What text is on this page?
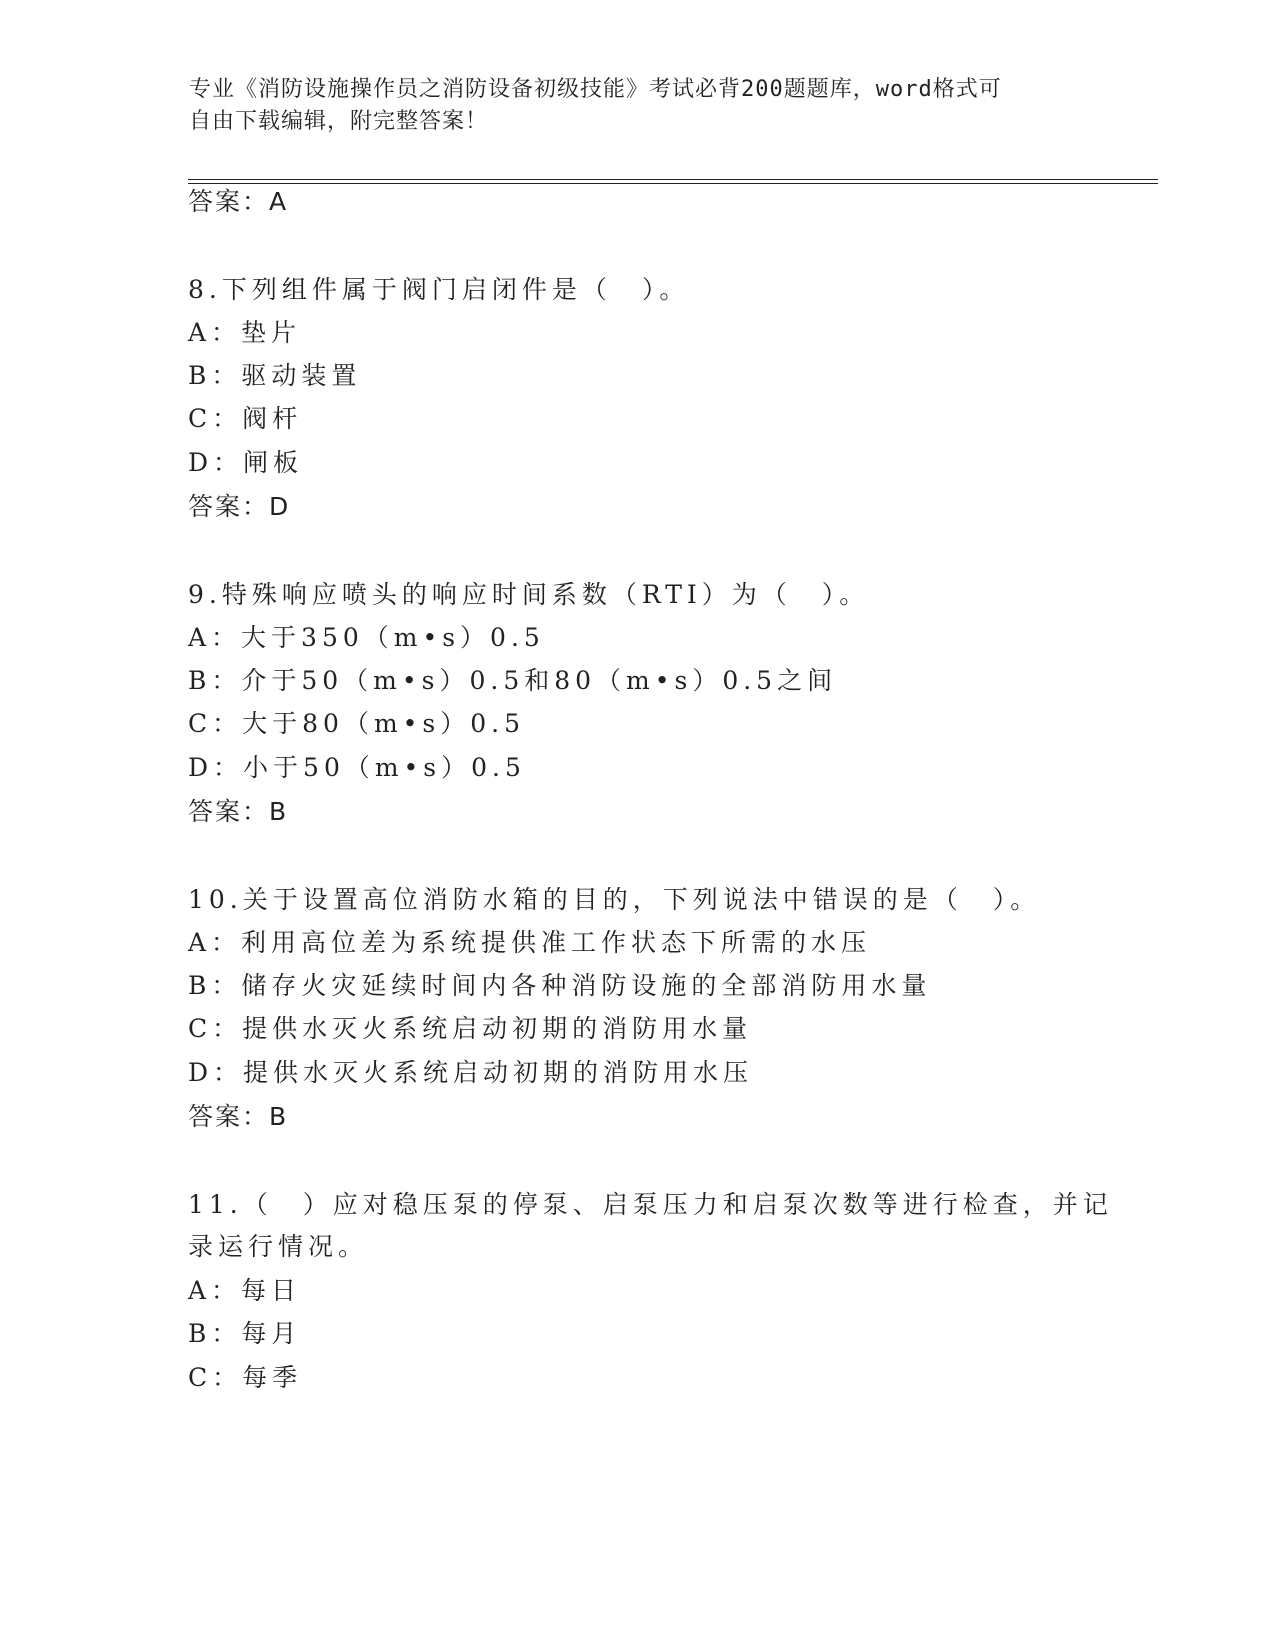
专业《消防设施操作员之消防设备初级技能》考试必背200题题库，word格式可
自由下载编辑，附完整答案！
答案：A
8.下列组件属于阀门启闭件是（　）。
A：垫片
B：驱动装置
C：阀杆
D：闸板
答案：D
9.特殊响应喷头的响应时间系数（RTI）为（　）。
A：大于350（m•s）0.5
B：介于50（m•s）0.5和80（m•s）0.5之间
C：大于80（m•s）0.5
D：小于50（m•s）0.5
答案：B
10.关于设置高位消防水箱的目的，下列说法中错误的是（　）。
A：利用高位差为系统提供准工作状态下所需的水压
B：储存火灾延续时间内各种消防设施的全部消防用水量
C：提供水灭火系统启动初期的消防用水量
D：提供水灭火系统启动初期的消防用水压
答案：B
11.（　）应对稳压泵的停泵、启泵压力和启泵次数等进行检查，并记
录运行情况。
A：每日
B：每月
C：每季
